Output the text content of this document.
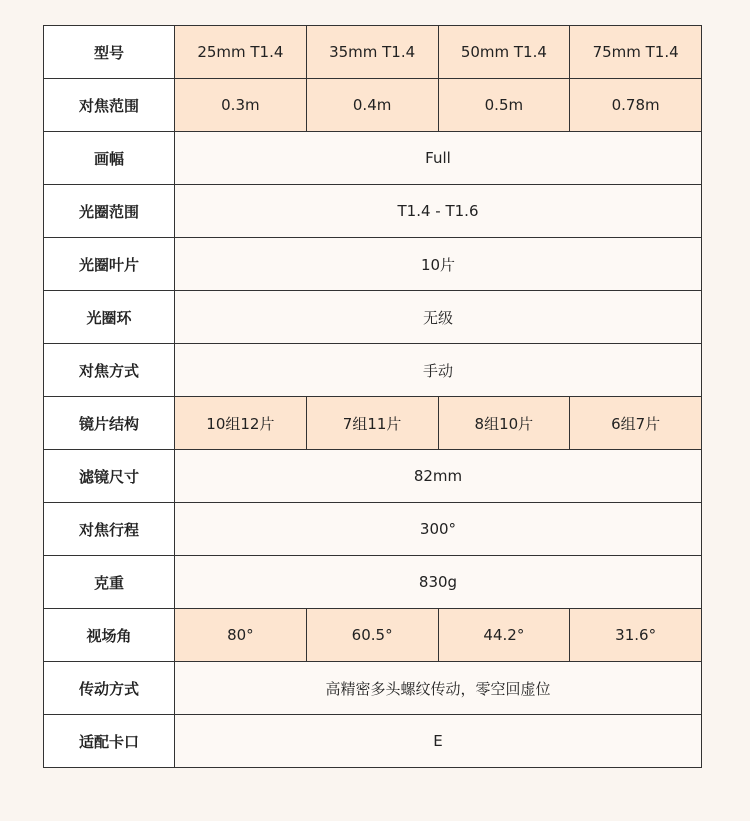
型号	25mm T1.4	35mm T1.4	50mm T1.4	75mm T1.4
对焦范围	0.3m	0.4m	0.5m	0.78m
画幅	Full			
光圈范围	T1.4 - T1.6			
光圈叶片	10片			
光圈环	无级			
对焦方式	手动			
镜片结构	10组12片	7组11片	8组10片	6组7片
滤镜尺寸	82mm			
对焦行程	300°			
克重	830g			
视场角	80°	60.5°	44.2°	31.6°
传动方式	高精密多头螺纹传动，零空回虚位			
适配卡口	E			
